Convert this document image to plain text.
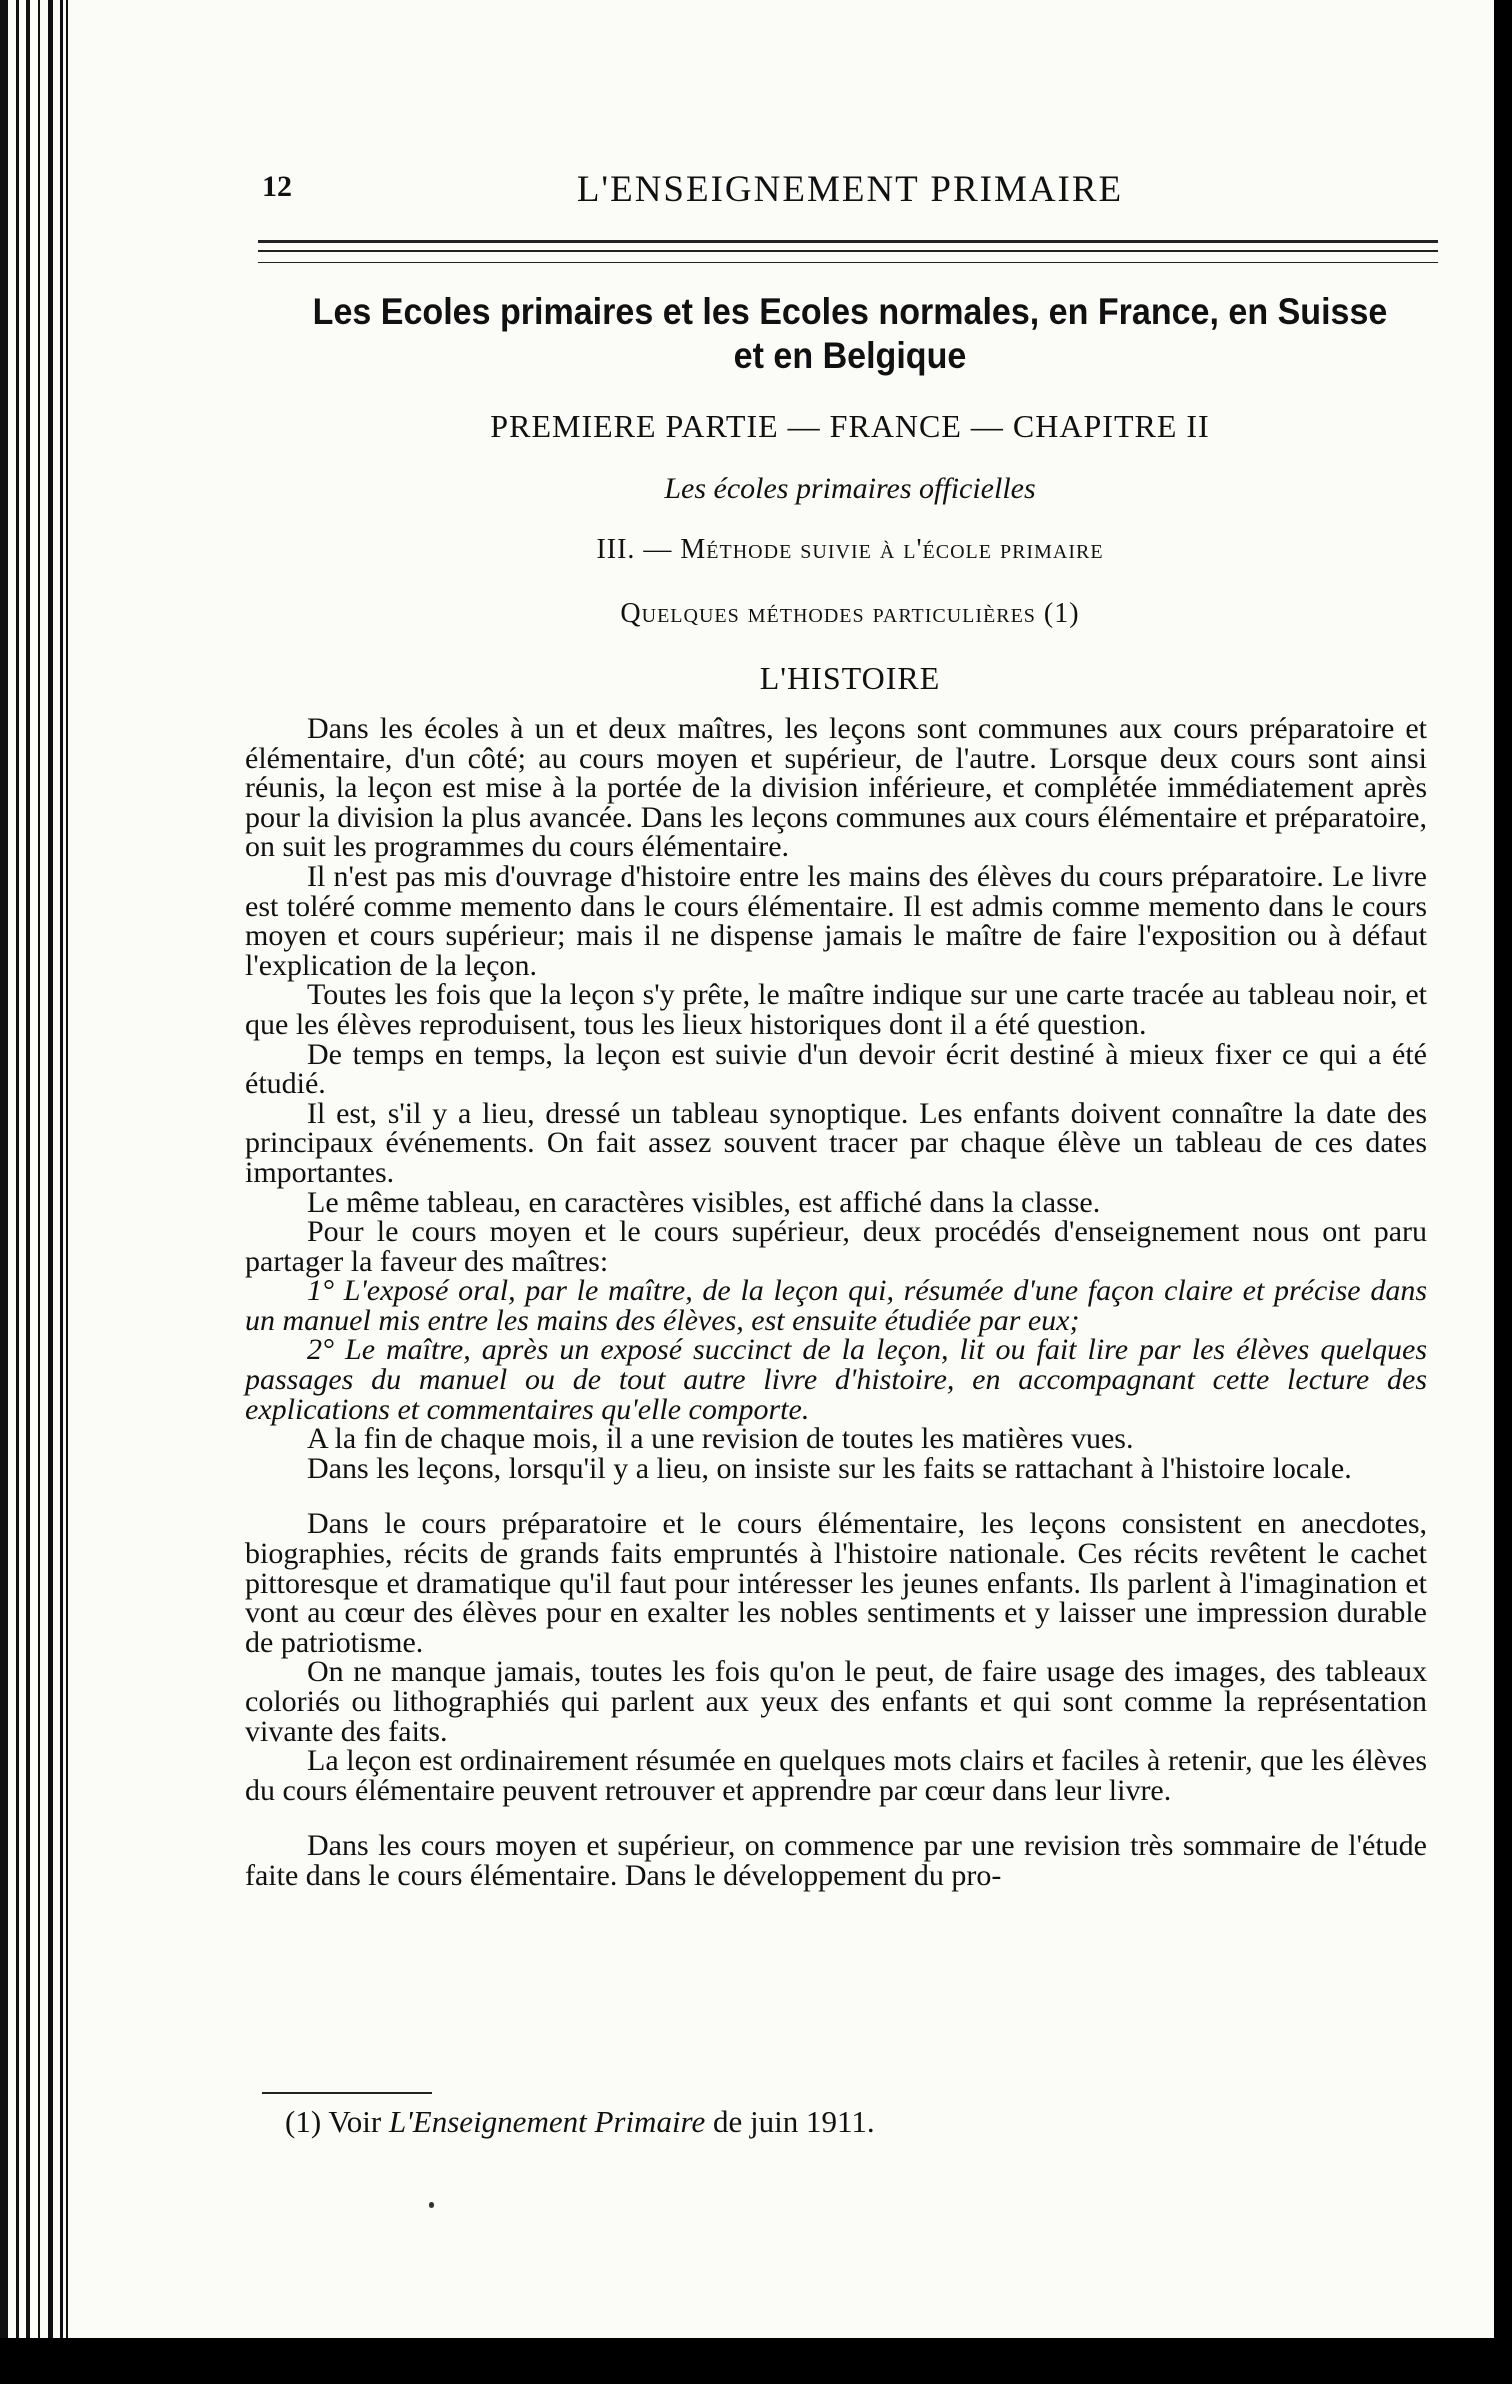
12	L'ENSEIGNEMENT PRIMAIRE
Les Ecoles primaires et les Ecoles normales, en France, en Suisse et en Belgique
PREMIERE PARTIE — FRANCE — CHAPITRE II
Les écoles primaires officielles
III. — Méthode suivie à l'école primaire
Quelques méthodes particulières (1)
L'HISTOIRE

Dans les écoles à un et deux maîtres, les leçons sont communes aux cours préparatoire et élémentaire, d'un côté; au cours moyen et supérieur, de l'autre. Lorsque deux cours sont ainsi réunis, la leçon est mise à la portée de la division inférieure, et complétée immédiatement après pour la division la plus avancée. Dans les leçons communes aux cours élémentaire et préparatoire, on suit les programmes du cours élémentaire.

Il n'est pas mis d'ouvrage d'histoire entre les mains des élèves du cours préparatoire. Le livre est toléré comme memento dans le cours élémentaire. Il est admis comme memento dans le cours moyen et cours supérieur; mais il ne dispense jamais le maître de faire l'exposition ou à défaut l'explication de la leçon.

Toutes les fois que la leçon s'y prête, le maître indique sur une carte tracée au tableau noir, et que les élèves reproduisent, tous les lieux historiques dont il a été question.

De temps en temps, la leçon est suivie d'un devoir écrit destiné à mieux fixer ce qui a été étudié.

Il est, s'il y a lieu, dressé un tableau synoptique. Les enfants doivent connaître la date des principaux événements. On fait assez souvent tracer par chaque élève un tableau de ces dates importantes.

Le même tableau, en caractères visibles, est affiché dans la classe.

Pour le cours moyen et le cours supérieur, deux procédés d'enseignement nous ont paru partager la faveur des maîtres:

1° L'exposé oral, par le maître, de la leçon qui, résumée d'une façon claire et précise dans un manuel mis entre les mains des élèves, est ensuite étudiée par eux;

2° Le maître, après un exposé succinct de la leçon, lit ou fait lire par les élèves quelques passages du manuel ou de tout autre livre d'histoire, en accompagnant cette lecture des explications et commentaires qu'elle comporte.

A la fin de chaque mois, il a une revision de toutes les matières vues.

Dans les leçons, lorsqu'il y a lieu, on insiste sur les faits se rattachant à l'histoire locale.

Dans le cours préparatoire et le cours élémentaire, les leçons consistent en anecdotes, biographies, récits de grands faits empruntés à l'histoire nationale. Ces récits revêtent le cachet pittoresque et dramatique qu'il faut pour intéresser les jeunes enfants. Ils parlent à l'imagination et vont au cœur des élèves pour en exalter les nobles sentiments et y laisser une impression durable de patriotisme.

On ne manque jamais, toutes les fois qu'on le peut, de faire usage des images, des tableaux coloriés ou lithographiés qui parlent aux yeux des enfants et qui sont comme la représentation vivante des faits.

La leçon est ordinairement résumée en quelques mots clairs et faciles à retenir, que les élèves du cours élémentaire peuvent retrouver et apprendre par cœur dans leur livre.

Dans les cours moyen et supérieur, on commence par une revision très sommaire de l'étude faite dans le cours élémentaire. Dans le développement du pro-

(1) Voir L'Enseignement Primaire de juin 1911.
